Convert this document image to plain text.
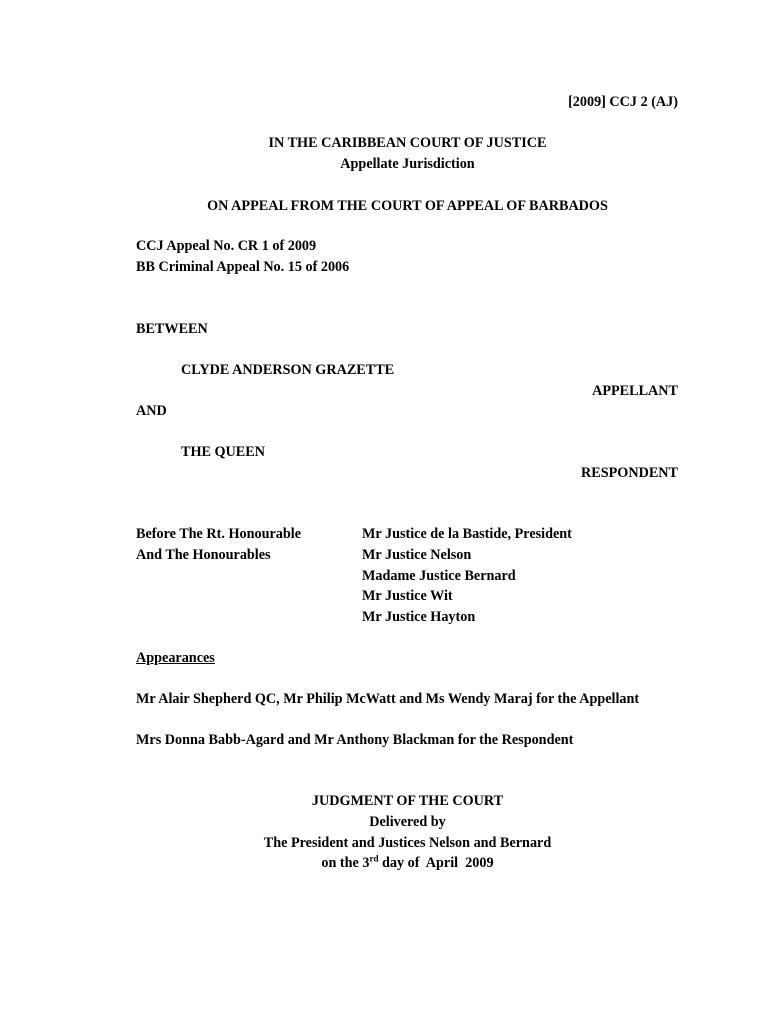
[2009] CCJ 2 (AJ)
IN THE CARIBBEAN COURT OF JUSTICE
Appellate Jurisdiction
ON APPEAL FROM THE COURT OF APPEAL OF BARBADOS
CCJ Appeal No. CR 1 of 2009
BB Criminal Appeal No. 15 of 2006
BETWEEN
CLYDE ANDERSON GRAZETTE
APPELLANT
AND
THE QUEEN
RESPONDENT
Before The Rt. Honourable
And The Honourables
Mr Justice de la Bastide, President
Mr Justice Nelson
Madame Justice Bernard
Mr Justice Wit
Mr Justice Hayton
Appearances
Mr Alair Shepherd QC, Mr Philip McWatt and Ms Wendy Maraj for the Appellant
Mrs Donna Babb-Agard and Mr Anthony Blackman for the Respondent
JUDGMENT OF THE COURT
Delivered by
The President and Justices Nelson and Bernard
on the 3rd day of  April  2009
